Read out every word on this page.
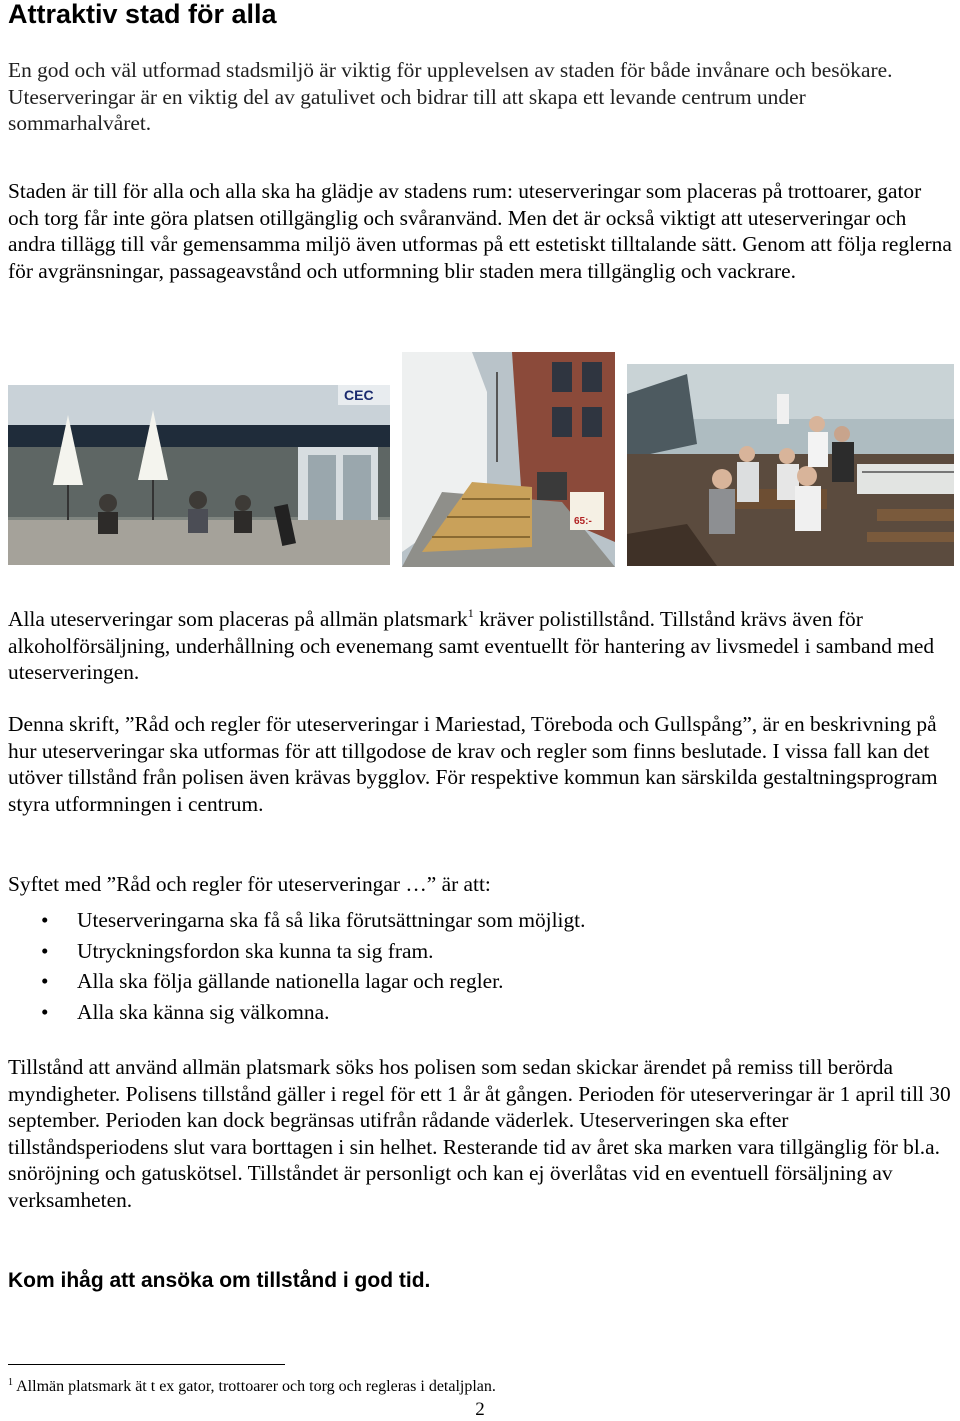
Attraktiv stad för alla

En god och väl utformad stadsmiljö är viktig för upplevelsen av staden för både invånare och besökare. Uteserveringar är en viktig del av gatulivet och bidrar till att skapa ett levande centrum under sommarhalvåret.

Staden är till för alla och alla ska ha glädje av stadens rum: uteserveringar som placeras på trottoarer, gator och torg får inte göra platsen otillgänglig och svåranvänd. Men det är också viktigt att uteserveringar och andra tillägg till vår gemensamma miljö även utformas på ett estetiskt tilltalande sätt. Genom att följa reglerna för avgränsningar, passageavstånd och utformning blir staden mera tillgänglig och vackrare.

CEC
65:-

Alla uteserveringar som placeras på allmän platsmark$^1$ kräver polistillstånd. Tillstånd krävs även för alkoholförsäljning, underhållning och evenemang samt eventuellt för hantering av livsmedel i samband med uteserveringen.

Denna skrift, ”Råd och regler för uteserveringar i Mariestad, Töreboda och Gullspång”, är en beskrivning på hur uteserveringar ska utformas för att tillgodose de krav och regler som finns beslutade. I vissa fall kan det utöver tillstånd från polisen även krävas bygglov. För respektive kommun kan särskilda gestaltningsprogram styra utformningen i centrum.

Syftet med ”Råd och regler för uteserveringar …” är att:

• Uteserveringarna ska få så lika förutsättningar som möjligt.
• Utryckningsfordon ska kunna ta sig fram.
• Alla ska följa gällande nationella lagar och regler.
• Alla ska känna sig välkomna.

Tillstånd att använd allmän platsmark söks hos polisen som sedan skickar ärendet på remiss till berörda myndigheter. Polisens tillstånd gäller i regel för ett 1 år åt gången. Perioden för uteserveringar är 1 april till 30 september. Perioden kan dock begränsas utifrån rådande väderlek. Uteserveringen ska efter tillståndsperiodens slut vara borttagen i sin helhet. Resterande tid av året ska marken vara tillgänglig för bl.a. snöröjning och gatuskötsel. Tillståndet är personligt och kan ej överlåtas vid en eventuell försäljning av verksamheten.

Kom ihåg att ansöka om tillstånd i god tid.

$^1$ Allmän platsmark ät t ex gator, trottoarer och torg och regleras i detaljplan.

2
